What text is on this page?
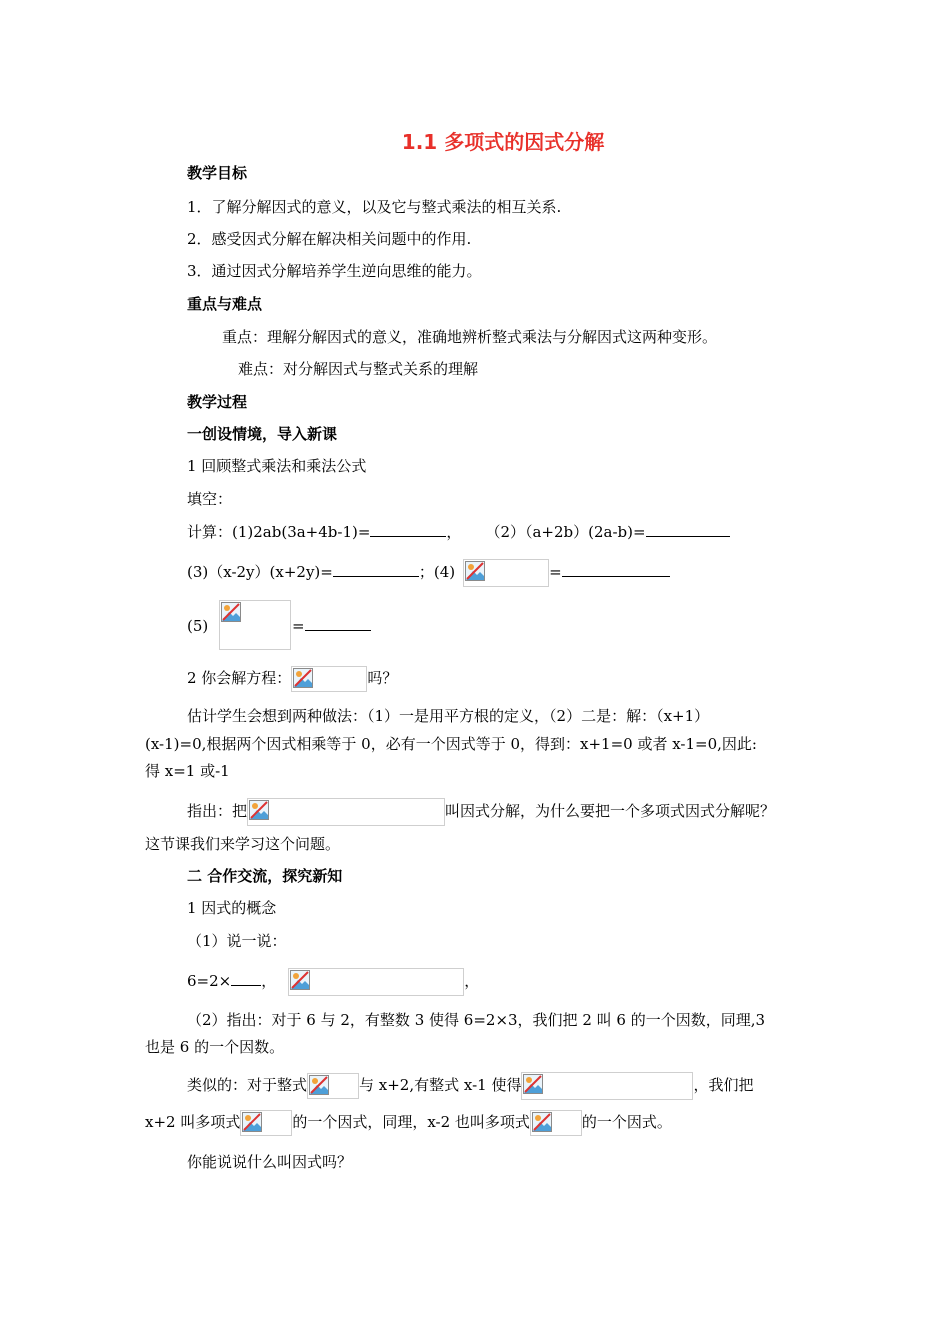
1.1 多项式的因式分解
教学目标
1．了解分解因式的意义，以及它与整式乘法的相互关系.
2．感受因式分解在解决相关问题中的作用.
3．通过因式分解培养学生逆向思维的能力。
重点与难点
重点：理解分解因式的意义，准确地辨析整式乘法与分解因式这两种变形。
难点：对分解因式与整式关系的理解
教学过程
一创设情境，导入新课
1 回顾整式乘法和乘法公式
填空：
计算：(1)2ab(3a+4b-1)=	， （2）（a+2b）(2a-b)=
(3)（x-2y）(x+2y)=	；(4)	=
(5)	=
2 你会解方程：	吗？
估计学生会想到两种做法：（1）一是用平方根的定义，（2）二是：解：（x+1）
(x-1)=0,根据两个因式相乘等于 0，必有一个因式等于 0，得到：x+1=0 或者 x-1=0,因此:
得 x=1 或-1
指出：把	叫因式分解，为什么要把一个多项式因式分解呢？
这节课我们来学习这个问题。
二 合作交流，探究新知
1 因式的概念
（1）说一说：
6=2× ，	，
（2）指出：对于 6 与 2，有整数 3 使得 6=2×3，我们把 2 叫 6 的一个因数，同理,3
也是 6 的一个因数。
类似的：对于整式	与 x+2,有整式 x-1 使得	，我们把
x+2 叫多项式	的一个因式，同理，x-2 也叫多项式	的一个因式。
你能说说什么叫因式吗？
